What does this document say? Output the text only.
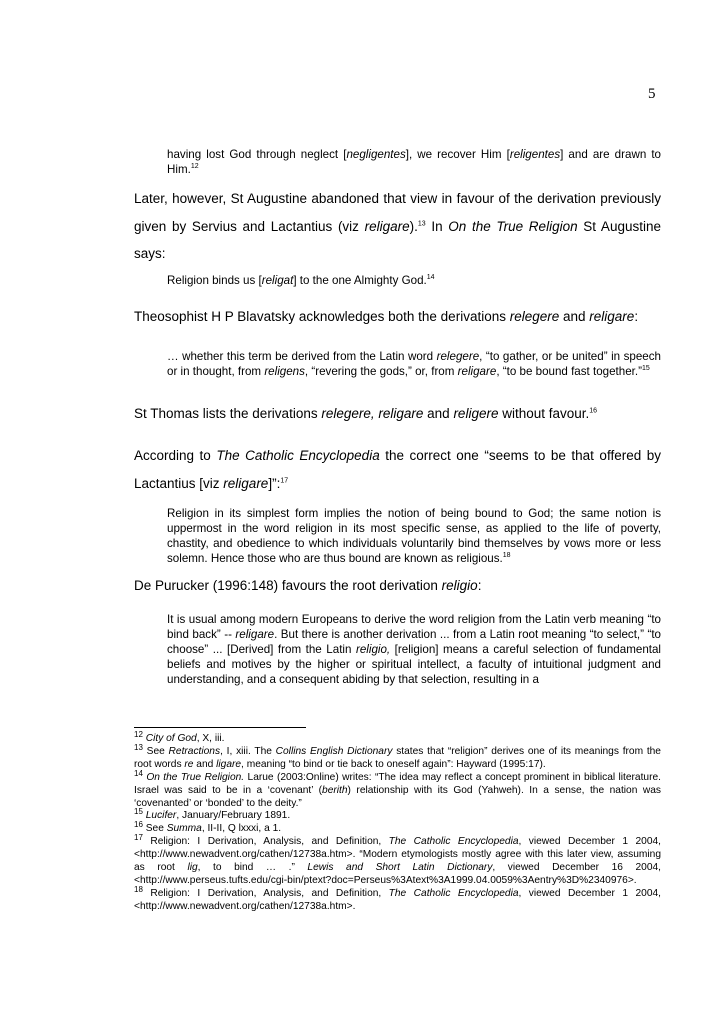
5
having lost God through neglect [negligentes], we recover Him [religentes] and are drawn to Him.$^{12}$
Later, however, St Augustine abandoned that view in favour of the derivation previously given by Servius and Lactantius (viz religare).$^{13}$ In On the True Religion St Augustine says:
Religion binds us [religat] to the one Almighty God.$^{14}$
Theosophist H P Blavatsky acknowledges both the derivations relegere and religare:
… whether this term be derived from the Latin word relegere, “to gather, or be united” in speech or in thought, from religens, “revering the gods,” or, from religare, “to be bound fast together.”$^{15}$
St Thomas lists the derivations relegere, religare and religere without favour.$^{16}$
According to The Catholic Encyclopedia the correct one “seems to be that offered by Lactantius [viz religare]”:$^{17}$
Religion in its simplest form implies the notion of being bound to God; the same notion is uppermost in the word religion in its most specific sense, as applied to the life of poverty, chastity, and obedience to which individuals voluntarily bind themselves by vows more or less solemn. Hence those who are thus bound are known as religious.$^{18}$
De Purucker (1996:148) favours the root derivation religio:
It is usual among modern Europeans to derive the word religion from the Latin verb meaning “to bind back” -- religare. But there is another derivation ... from a Latin root meaning “to select,” “to choose” ... [Derived] from the Latin religio, [religion] means a careful selection of fundamental beliefs and motives by the higher or spiritual intellect, a faculty of intuitional judgment and understanding, and a consequent abiding by that selection, resulting in a

$^{12}$ City of God, X, iii.

$^{13}$ See Retractions, I, xiii. The Collins English Dictionary states that “religion” derives one of its meanings from the root words re and ligare, meaning “to bind or tie back to oneself again”: Hayward (1995:17).

$^{14}$ On the True Religion. Larue (2003:Online) writes: “The idea may reflect a concept prominent in biblical literature. Israel was said to be in a ‘covenant’ (berith) relationship with its God (Yahweh). In a sense, the nation was ‘covenanted’ or ‘bonded’ to the deity.”

$^{15}$ Lucifer, January/February 1891.

$^{16}$ See Summa, II-II, Q lxxxi, a 1.

$^{17}$ Religion: I Derivation, Analysis, and Definition, The Catholic Encyclopedia, viewed December 1 2004, <http://www.newadvent.org/cathen/12738a.htm>. “Modern etymologists mostly agree with this later view, assuming as root lig, to bind … .” Lewis and Short Latin Dictionary, viewed December 16 2004, <http://www.perseus.tufts.edu/cgi-bin/ptext?doc=Perseus%3Atext%3A1999.04.0059%3Aentry%3D%2340976>.

$^{18}$ Religion: I Derivation, Analysis, and Definition, The Catholic Encyclopedia, viewed December 1 2004, <http://www.newadvent.org/cathen/12738a.htm>.
